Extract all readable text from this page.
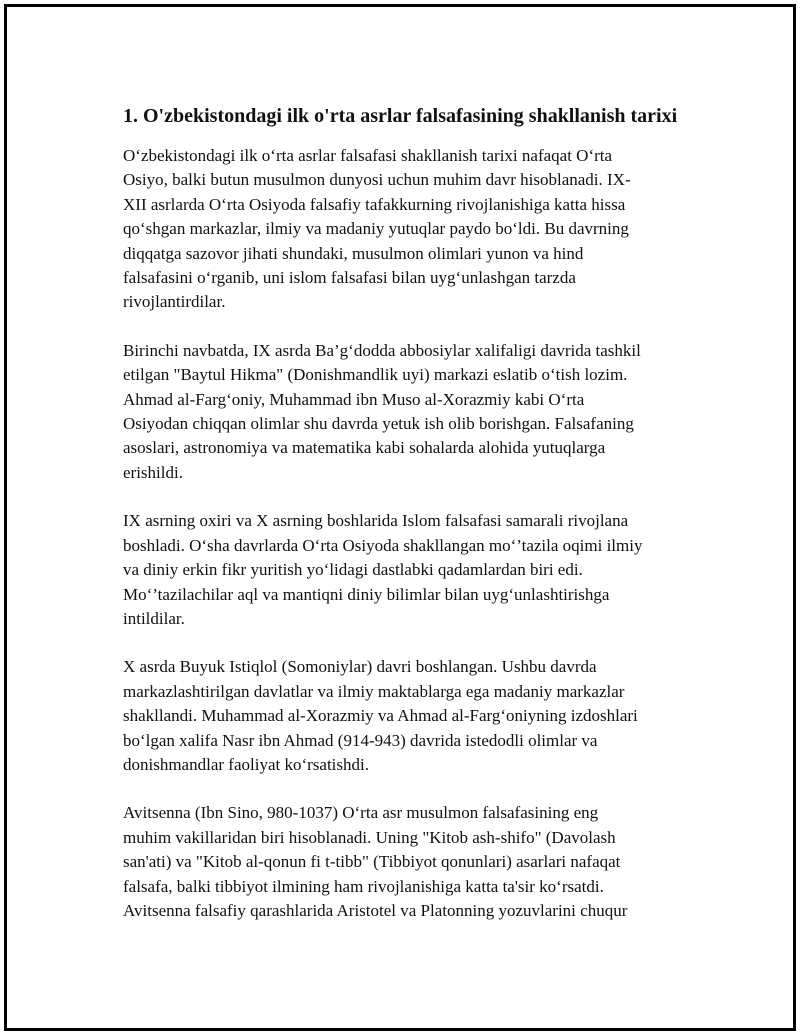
1. O'zbekistondagi ilk o'rta asrlar falsafasining shakllanish tarixi

O‘zbekistondagi ilk o‘rta asrlar falsafasi shakllanish tarixi nafaqat O‘rta
Osiyo, balki butun musulmon dunyosi uchun muhim davr hisoblanadi. IX-
XII asrlarda O‘rta Osiyoda falsafiy tafakkurning rivojlanishiga katta hissa
qo‘shgan markazlar, ilmiy va madaniy yutuqlar paydo bo‘ldi. Bu davrning
diqqatga sazovor jihati shundaki, musulmon olimlari yunon va hind
falsafasini o‘rganib, uni islom falsafasi bilan uyg‘unlashgan tarzda
rivojlantirdilar.

Birinchi navbatda, IX asrda Ba’g‘dodda abbosiylar xalifaligi davrida tashkil
etilgan "Baytul Hikma" (Donishmandlik uyi) markazi eslatib o‘tish lozim.
Ahmad al-Farg‘oniy, Muhammad ibn Muso al-Xorazmiy kabi O‘rta
Osiyodan chiqqan olimlar shu davrda yetuk ish olib borishgan. Falsafaning
asoslari, astronomiya va matematika kabi sohalarda alohida yutuqlarga
erishildi.

IX asrning oxiri va X asrning boshlarida Islom falsafasi samarali rivojlana
boshladi. O‘sha davrlarda O‘rta Osiyoda shakllangan mo‘’tazila oqimi ilmiy
va diniy erkin fikr yuritish yo‘lidagi dastlabki qadamlardan biri edi.
Mo‘’tazilachilar aql va mantiqni diniy bilimlar bilan uyg‘unlashtirishga
intildilar.

X asrda Buyuk Istiqlol (Somoniylar) davri boshlangan. Ushbu davrda
markazlashtirilgan davlatlar va ilmiy maktablarga ega madaniy markazlar
shakllandi. Muhammad al-Xorazmiy va Ahmad al-Farg‘oniyning izdoshlari
bo‘lgan xalifa Nasr ibn Ahmad (914-943) davrida istedodli olimlar va
donishmandlar faoliyat ko‘rsatishdi.

Avitsenna (Ibn Sino, 980-1037) O‘rta asr musulmon falsafasining eng
muhim vakillaridan biri hisoblanadi. Uning "Kitob ash-shifo" (Davolash
san'ati) va "Kitob al-qonun fi t-tibb" (Tibbiyot qonunlari) asarlari nafaqat
falsafa, balki tibbiyot ilmining ham rivojlanishiga katta ta'sir ko‘rsatdi.
Avitsenna falsafiy qarashlarida Aristotel va Platonning yozuvlarini chuqur
